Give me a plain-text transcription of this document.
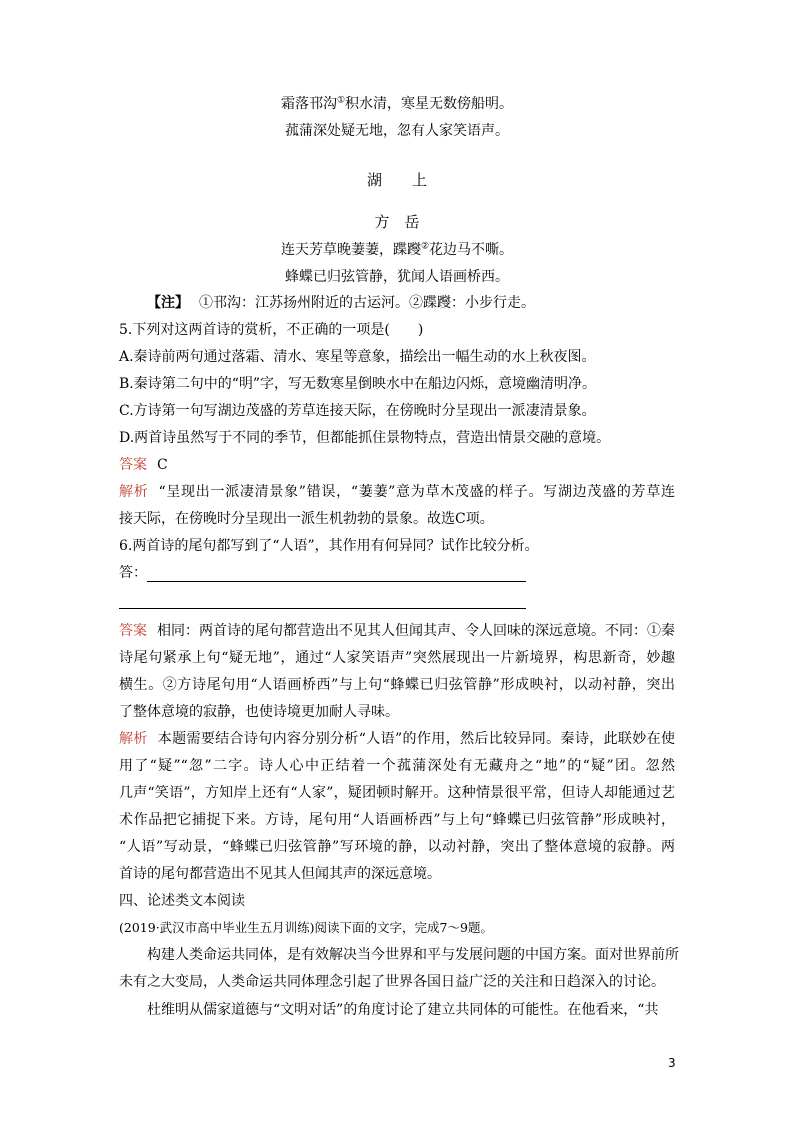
霜落邗沟①积水清，寒星无数傍船明。
菰蒲深处疑无地，忽有人家笑语声。
湖　　上
方　岳
连天芳草晚萋萋，蹀躞②花边马不嘶。
蜂蝶已归弦管静，犹闻人语画桥西。
【注】 ①邗沟：江苏扬州附近的古运河。②蹀躞：小步行走。
5.下列对这两首诗的赏析，不正确的一项是(　　)
A.秦诗前两句通过落霜、清水、寒星等意象，描绘出一幅生动的水上秋夜图。
B.秦诗第二句中的“明”字，写无数寒星倒映水中在船边闪烁，意境幽清明净。
C.方诗第一句写湖边茂盛的芳草连接天际，在傍晚时分呈现出一派凄清景象。
D.两首诗虽然写于不同的季节，但都能抓住景物特点，营造出情景交融的意境。
答案 C
解析 “呈现出一派凄清景象”错误，“萋萋”意为草木茂盛的样子。写湖边茂盛的芳草连
接天际，在傍晚时分呈现出一派生机勃勃的景象。故选C项。
6.两首诗的尾句都写到了“人语”，其作用有何异同？试作比较分析。
答：
答案 相同：两首诗的尾句都营造出不见其人但闻其声、令人回味的深远意境。不同：①秦
诗尾句紧承上句“疑无地”，通过“人家笑语声”突然展现出一片新境界，构思新奇，妙趣
横生。②方诗尾句用“人语画桥西”与上句“蜂蝶已归弦管静”形成映衬，以动衬静，突出
了整体意境的寂静，也使诗境更加耐人寻味。
解析 本题需要结合诗句内容分别分析“人语”的作用，然后比较异同。秦诗，此联妙在使
用了“疑”“忽”二字。诗人心中正结着一个菰蒲深处有无藏舟之“地”的“疑”团。忽然
几声“笑语”，方知岸上还有“人家”，疑团顿时解开。这种情景很平常，但诗人却能通过艺
术作品把它捕捉下来。方诗，尾句用“人语画桥西”与上句“蜂蝶已归弦管静”形成映衬，
“人语”写动景，“蜂蝶已归弦管静”写环境的静，以动衬静，突出了整体意境的寂静。两
首诗的尾句都营造出不见其人但闻其声的深远意境。
四、论述类文本阅读
(2019·武汉市高中毕业生五月训练)阅读下面的文字，完成7～9题。
构建人类命运共同体，是有效解决当今世界和平与发展问题的中国方案。面对世界前所
未有之大变局，人类命运共同体理念引起了世界各国日益广泛的关注和日趋深入的讨论。
杜维明从儒家道德与“文明对话”的角度讨论了建立共同体的可能性。在他看来，“共
3
